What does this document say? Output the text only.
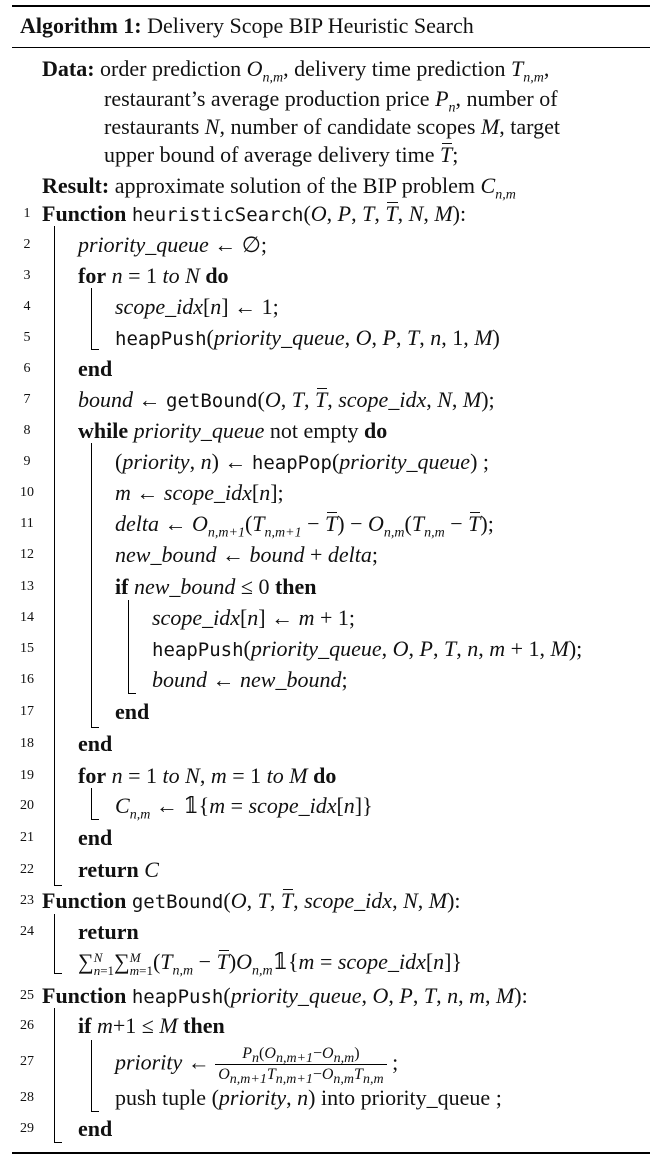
Algorithm 1: Delivery Scope BIP Heuristic Search
Data: order prediction $O_{n,m}$, delivery time prediction $T_{n,m}$,
restaurant’s average production price $P_n$, number of
restaurants N, number of candidate scopes M, target
upper bound of average delivery time T;
Result: approximate solution of the BIP problem $C_{n,m}$
1
2
3
4
5
6
7
8
9
10
11
12
13
14
15
16
17
18
19
20
21
22
23
24
25
26
27
28
29
Function heuristicSearch(O, P, T, T, N, M):
priority_queue ← ∅;
for n = 1 to N do
scope_idx[n] ← 1;
heapPush(priority_queue, O, P, T, n, 1, M)
end
bound ← getBound(O, T, T, scope_idx, N, M);
while priority_queue not empty do
(priority, n) ← heapPop(priority_queue) ;
m ← scope_idx[n];
delta ← $O_{n,m+1}(T_{n,m+1} - T) - O_{n,m}(T_{n,m} - T)$;
new_bound ← bound + delta;
if new_bound ≤ 0 then
scope_idx[n] ← m + 1;
heapPush(priority_queue, O, P, T, n, m + 1, M);
bound ← new_bound;
end
end
for n = 1 to N, m = 1 to M do
$C_{n,m}$ ← 𝟙{m = scope_idx[n]}
end
return C
Function getBound(O, T, T, scope_idx, N, M):
return
∑N
n=1∑M
$m=1(T_{n,m}$ − $T)O_{n,m}𝟙\{m$ = scope_idx[n]}
Function heapPush(priority_queue, O, P, T, n, m, M):
if m+1 ≤ M then
priority ← $\frac{P_n(O_{n,m+1}-O_{n,m})}{O_{n,m+1}T_{n,m+1}-O_{n,m}T_{n,m}}$ ;
push tuple (priority, n) into priority_queue ;
end
